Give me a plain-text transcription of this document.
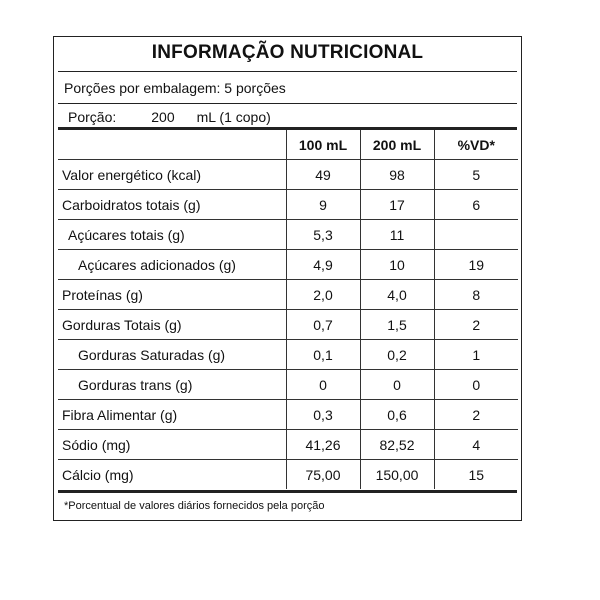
INFORMAÇÃO NUTRICIONAL
Porções por embalagem: 5 porções
Porção:	200 mL (1 copo)
	100 mL	200 mL	%VD*
Valor energético (kcal)	49	98	5
Carboidratos totais (g)	9	17	6
Açúcares totais (g)	5,3	11	
Açúcares adicionados (g)	4,9	10	19
Proteínas (g)	2,0	4,0	8
Gorduras Totais (g)	0,7	1,5	2
Gorduras Saturadas (g)	0,1	0,2	1
Gorduras trans (g)	0	0	0
Fibra Alimentar (g)	0,3	0,6	2
Sódio (mg)	41,26	82,52	4
Cálcio (mg)	75,00	150,00	15
*Porcentual de valores diários fornecidos pela porção
